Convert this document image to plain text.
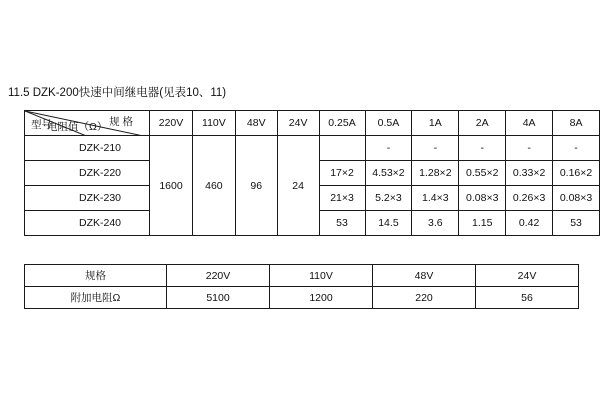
11.5 DZK-200快速中间继电器(见表10、11)
规 格
电阻值（Ω）
型号	220V	110V	48V	24V	0.25A	0.5A	1A	2A	4A	8A

DZK-210	1600	460	96	24		-	-	-	-	-
DZK-220					17×2	4.53×2	1.28×2	0.55×2	0.33×2	0.16×2
DZK-230					21×3	5.2×3	1.4×3	0.08×3	0.26×3	0.08×3
DZK-240					53	14.5	3.6	1.15	0.42	53
规格	220V	110V	48V	24V
附加电阻Ω	5100	1200	220	56
